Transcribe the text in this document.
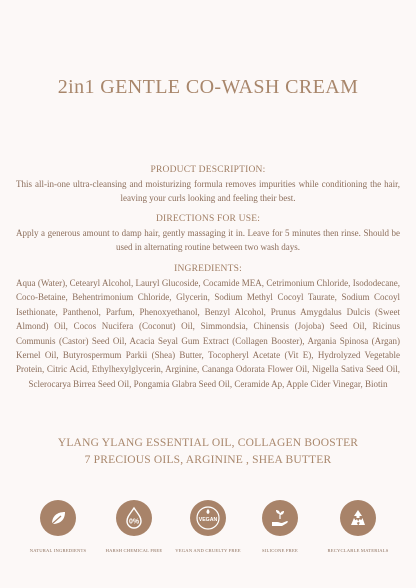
2in1 GENTLE CO-WASH CREAM
PRODUCT DESCRIPTION:
This all-in-one ultra-cleansing and moisturizing formula removes impurities while conditioning the hair, leaving your curls looking and feeling their best.
DIRECTIONS FOR USE:
Apply a generous amount to damp hair, gently massaging it in. Leave for 5 minutes then rinse. Should be used in alternating routine between two wash days.
INGREDIENTS:
Aqua (Water), Cetearyl Alcohol, Lauryl Glucoside, Cocamide MEA, Cetrimonium Chloride, Isododecane, Coco-Betaine, Behentrimonium Chloride, Glycerin, Sodium Methyl Cocoyl Taurate, Sodium Cocoyl Isethionate, Panthenol, Parfum, Phenoxyethanol, Benzyl Alcohol, Prunus Amygdalus Dulcis (Sweet Almond) Oil, Cocos Nucifera (Coconut) Oil, Simmondsia, Chinensis (Jojoba) Seed Oil, Ricinus Communis (Castor) Seed Oil, Acacia Seyal Gum Extract (Collagen Booster), Argania Spinosa (Argan) Kernel Oil, Butyrospermum Parkii (Shea) Butter, Tocopheryl Acetate (Vit E), Hydrolyzed Vegetable Protein, Citric Acid, Ethylhexylglycerin, Arginine, Cananga Odorata Flower Oil, Nigella Sativa Seed Oil, Sclerocarya Birrea Seed Oil, Pongamia Glabra Seed Oil, Ceramide Ap, Apple Cider Vinegar, Biotin
YLANG YLANG ESSENTIAL OIL, COLLAGEN BOOSTER
7 PRECIOUS OILS, ARGININE , SHEA BUTTER
NATURAL INGREDIENTS
0%
HARSH CHEMICAL FREE
VEGAN
VEGAN AND CRUELTY FREE	SILICONE FREE	RECYCLABLE MATERIALS
